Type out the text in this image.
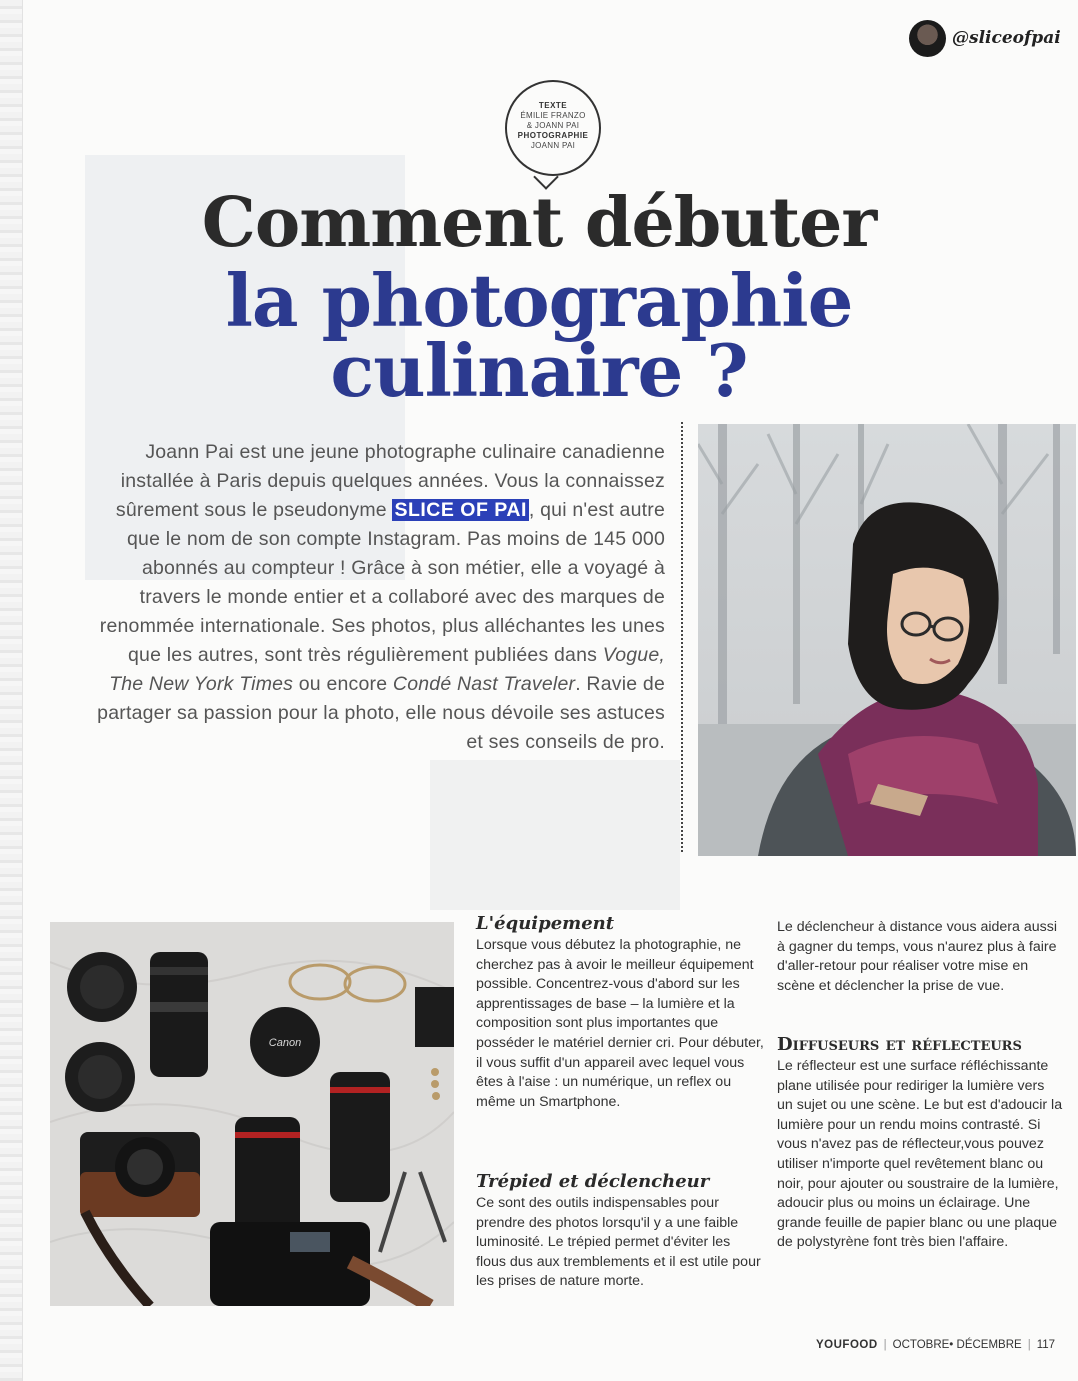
@sliceofpai
TEXTE
ÉMILIE FRANZO
& JOANN PAI
PHOTOGRAPHIE
JOANN PAI
Comment débuter
la photographie
culinaire ?

Joann Pai est une jeune photographe culinaire canadienne installée à Paris depuis quelques années. Vous la connaissez sûrement sous le pseudonyme SLICE OF PAI , qui n'est autre que le nom de son compte Instagram. Pas moins de 145 000 abonnés au compteur ! Grâce à son métier, elle a voyagé à travers le monde entier et a collaboré avec des marques de renommée internationale. Ses photos, plus alléchantes les unes que les autres, sont très régulièrement publiées dans Vogue, The New York Times ou encore Condé Nast Traveler. Ravie de partager sa passion pour la photo, elle nous dévoile ses astuces et ses conseils de pro.

Canon
L'équipement

Lorsque vous débutez la photographie, ne cherchez pas à avoir le meilleur équipement possible. Concentrez-vous d'abord sur les apprentissages de base – la lumière et la composition sont plus importantes que posséder le matériel dernier cri. Pour débuter, il vous suffit d'un appareil avec lequel vous êtes à l'aise : un numérique, un reflex ou même un Smartphone.

Trépied et déclencheur

Ce sont des outils indispensables pour prendre des photos lorsqu'il y a une faible luminosité. Le trépied permet d'éviter les flous dus aux tremblements et il est utile pour les prises de nature morte.

Le déclencheur à distance vous aidera aussi à gagner du temps, vous n'aurez plus à faire d'aller-retour pour réaliser votre mise en scène et déclencher la prise de vue.

Diffuseurs et réflecteurs

Le réflecteur est une surface réfléchissante plane utilisée pour rediriger la lumière vers un sujet ou une scène. Le but est d'adoucir la lumière pour un rendu moins contrasté. Si vous n'avez pas de réflecteur,vous pouvez utiliser n'importe quel revêtement blanc ou noir, pour ajouter ou soustraire de la lumière, adoucir plus ou moins un éclairage. Une grande feuille de papier blanc ou une plaque de polystyrène font très bien l'affaire.

YOUFOOD | OCTOBRE• DÉCEMBRE | 117
